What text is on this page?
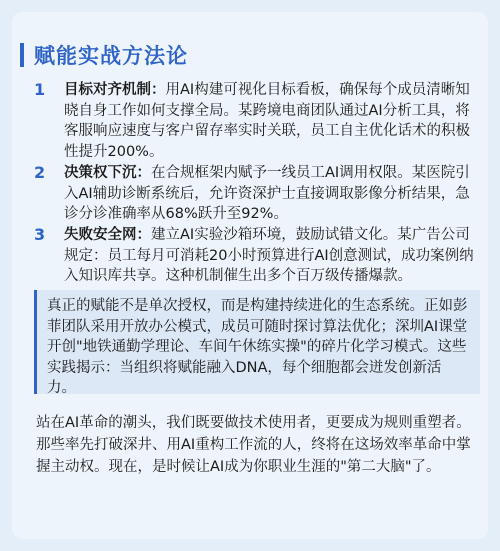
赋能实战方法论
1	目标对齐机制：用AI构建可视化目标看板，确保每个成员清晰知晓自身工作如何支撑全局。某跨境电商团队通过AI分析工具，将客服响应速度与客户留存率实时关联，员工自主优化话术的积极性提升200%。
2	决策权下沉：在合规框架内赋予一线员工AI调用权限。某医院引入AI辅助诊断系统后，允许资深护士直接调取影像分析结果，急诊分诊准确率从68%跃升至92%。
3	失败安全网：建立AI实验沙箱环境，鼓励试错文化。某广告公司规定：员工每月可消耗20小时预算进行AI创意测试，成功案例纳入知识库共享。这种机制催生出多个百万级传播爆款。
真正的赋能不是单次授权，而是构建持续进化的生态系统。正如彭菲团队采用开放办公模式，成员可随时探讨算法优化；深圳AI课堂开创"地铁通勤学理论、车间午休练实操"的碎片化学习模式。这些实践揭示：当组织将赋能融入DNA，每个细胞都会迸发创新活力。
站在AI革命的潮头，我们既要做技术使用者，更要成为规则重塑者。那些率先打破深井、用AI重构工作流的人，终将在这场效率革命中掌握主动权。现在，是时候让AI成为你职业生涯的"第二大脑"了。
